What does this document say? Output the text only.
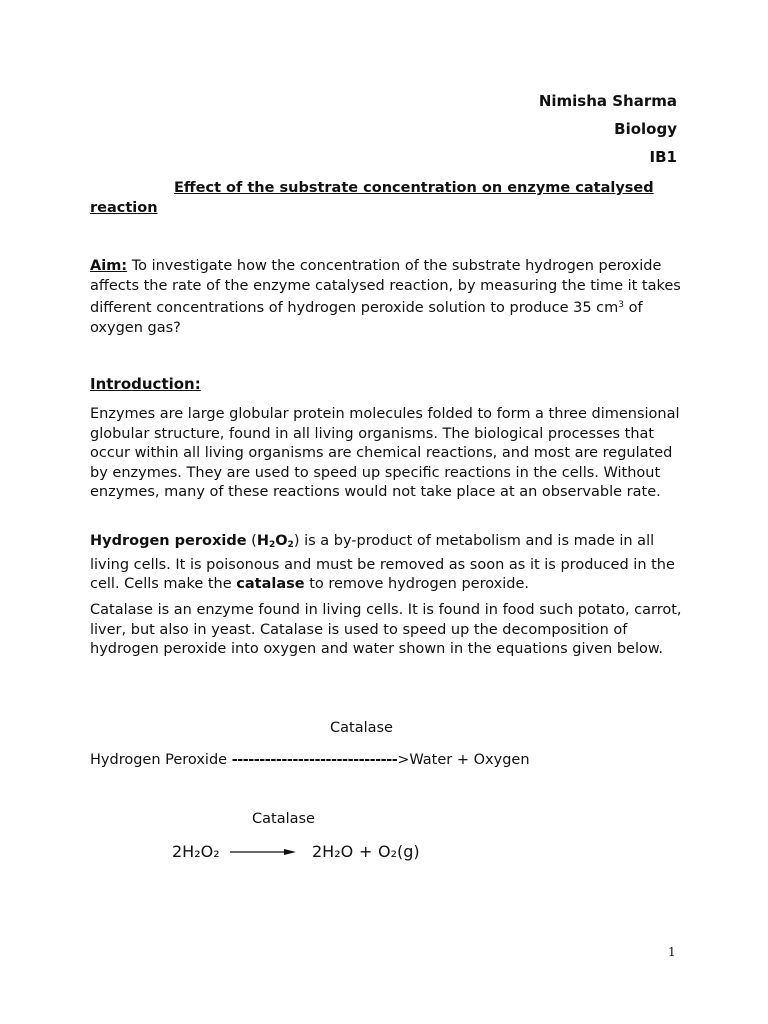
Nimisha Sharma
Biology
IB1
Effect of the substrate concentration on enzyme catalysed reaction

Aim: To investigate how the concentration of the substrate hydrogen peroxide affects the rate of the enzyme catalysed reaction, by measuring the time it takes different concentrations of hydrogen peroxide solution to produce 35 $cm^3$ of oxygen gas?

Introduction:

Enzymes are large globular protein molecules folded to form a three dimensional globular structure, found in all living organisms. The biological processes that occur within all living organisms are chemical reactions, and most are regulated by enzymes. They are used to speed up specific reactions in the cells. Without enzymes, many of these reactions would not take place at an observable rate.

Hydrogen peroxide $(H_2O_2)$ is a by-product of metabolism and is made in all living cells. It is poisonous and must be removed as soon as it is produced in the cell. Cells make the catalase to remove hydrogen peroxide.

Catalase is an enzyme found in living cells. It is found in food such potato, carrot, liver, but also in yeast. Catalase is used to speed up the decomposition of hydrogen peroxide into oxygen and water shown in the equations given below.

Catalase
Hydrogen Peroxide ------------------------------>Water + Oxygen
Catalase
2H₂O₂	2H₂O + O₂(g)
1
